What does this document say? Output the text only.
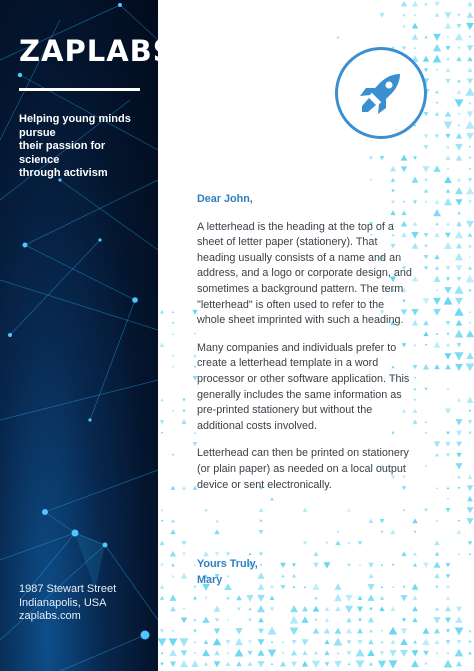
ZAPLABS
Helping young minds
pursue
their passion for
science
through activism
1987 Stewart Street
Indianapolis, USA
zaplabs.com
Dear John,
A letterhead is the heading at the top of a sheet of letter paper (stationery). That heading usually consists of a name and an address, and a logo or corporate design, and sometimes a background pattern. The term "letterhead" is often used to refer to the whole sheet imprinted with such a heading.
Many companies and individuals prefer to create a letterhead template in a word processor or other software application. This generally includes the same information as pre-printed stationery but without the additional costs involved.
Letterhead can then be printed on stationery (or plain paper) as needed on a local output device or sent electronically.
Yours Truly,
Mary
